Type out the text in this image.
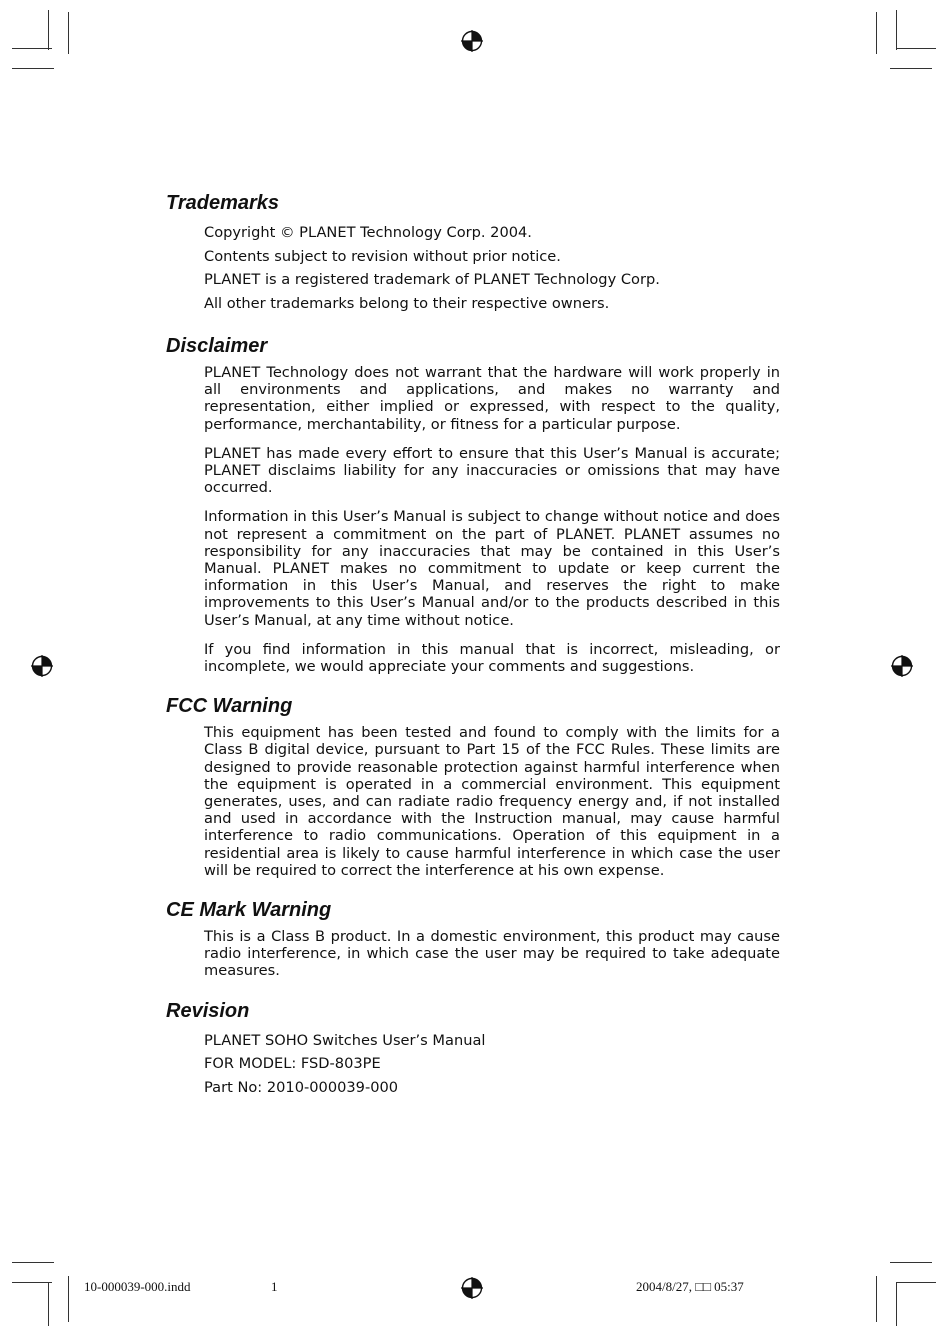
Trademarks
Copyright © PLANET Technology Corp. 2004.
Contents subject to revision without prior notice.
PLANET is a registered trademark of PLANET Technology Corp.
All other trademarks belong to their respective owners.
Disclaimer

PLANET Technology does not warrant that the hardware will work properly in all environments and applications, and makes no warranty and representation, either implied or expressed, with respect to the quality, performance, merchantability, or fitness for a particular purpose.

PLANET has made every effort to ensure that this User’s Manual is accurate; PLANET disclaims liability for any inaccuracies or omissions that may have occurred.

Information in this User’s Manual is subject to change without notice and does not represent a commitment on the part of PLANET. PLANET assumes no responsibility for any inaccuracies that may be contained in this User’s Manual. PLANET makes no commitment to update or keep current the information in this User’s Manual, and reserves the right to make improvements to this User’s Manual and/or to the products described in this User’s Manual, at any time without notice.

If you find information in this manual that is incorrect, misleading, or incomplete, we would appreciate your comments and suggestions.

FCC Warning

This equipment has been tested and found to comply with the limits for a Class B digital device, pursuant to Part 15 of the FCC Rules. These limits are designed to provide reasonable protection against harmful interference when the equipment is operated in a commercial environment. This equipment generates, uses, and can radiate radio frequency energy and, if not installed and used in accordance with the Instruction manual, may cause harmful interference to radio communications. Operation of this equipment in a residential area is likely to cause harmful interference in which case the user will be required to correct the interference at his own expense.

CE Mark Warning

This is a Class B product. In a domestic environment, this product may cause radio interference, in which case the user may be required to take adequate measures.

Revision
PLANET SOHO Switches User’s Manual
FOR MODEL: FSD-803PE
Part No: 2010-000039-000
10-000039-000.indd	1	2004/8/27, □□ 05:37
